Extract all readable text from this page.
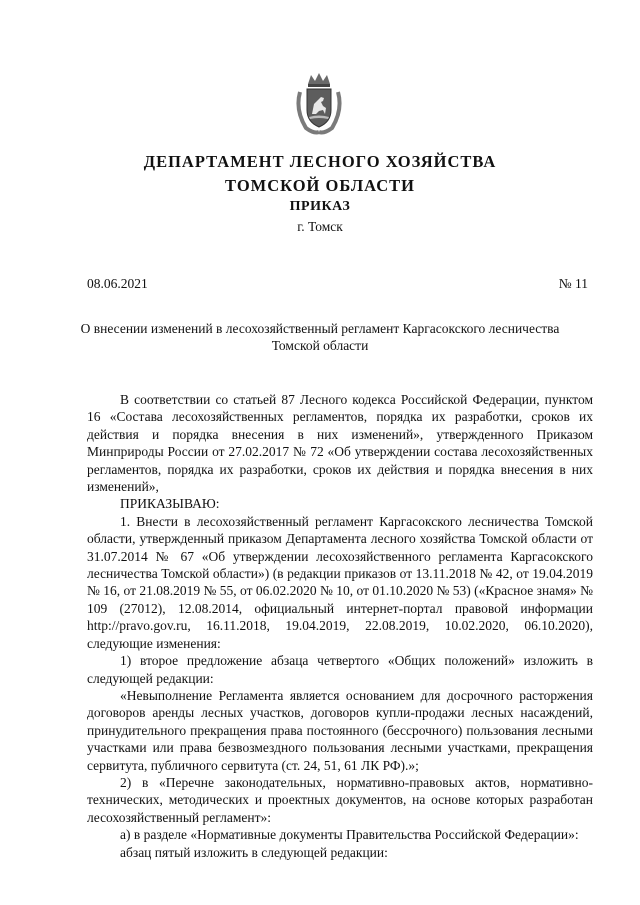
ДЕПАРТАМЕНТ ЛЕСНОГО ХОЗЯЙСТВА
ТОМСКОЙ ОБЛАСТИ
ПРИКАЗ
г. Томск
08.06.2021	№ 11
О внесении изменений в лесохозяйственный регламент Каргасокского лесничества
Томской области

В соответствии со статьей 87 Лесного кодекса Российской Федерации, пунктом 16 «Состава лесохозяйственных регламентов, порядка их разработки, сроков их действия и порядка внесения в них изменений», утвержденного Приказом Минприроды России от 27.02.2017 № 72 «Об утверждении состава лесохозяйственных регламентов, порядка их разработки, сроков их действия и порядка внесения в них изменений»,

ПРИКАЗЫВАЮ:

1. Внести в лесохозяйственный регламент Каргасокского лесничества Томской области, утвержденный приказом Департамента лесного хозяйства Томской области от 31.07.2014 № 67 «Об утверждении лесохозяйственного регламента Каргасокского лесничества Томской области») (в редакции приказов от 13.11.2018 № 42, от 19.04.2019 № 16, от 21.08.2019 № 55, от 06.02.2020 № 10, от 01.10.2020 № 53) («Красное знамя» № 109 (27012), 12.08.2014, официальный интернет-портал правовой информации http://pravo.gov.ru, 16.11.2018, 19.04.2019, 22.08.2019, 10.02.2020, 06.10.2020), следующие изменения:

1) второе предложение абзаца четвертого «Общих положений» изложить в следующей редакции:

«Невыполнение Регламента является основанием для досрочного расторжения договоров аренды лесных участков, договоров купли-продажи лесных насаждений, принудительного прекращения права постоянного (бессрочного) пользования лесными участками или права безвозмездного пользования лесными участками, прекращения сервитута, публичного сервитута (ст. 24, 51, 61 ЛК РФ).»;

2) в «Перечне законодательных, нормативно-правовых актов, нормативно-технических, методических и проектных документов, на основе которых разработан лесохозяйственный регламент»:

а) в разделе «Нормативные документы Правительства Российской Федерации»:

абзац пятый изложить в следующей редакции:
